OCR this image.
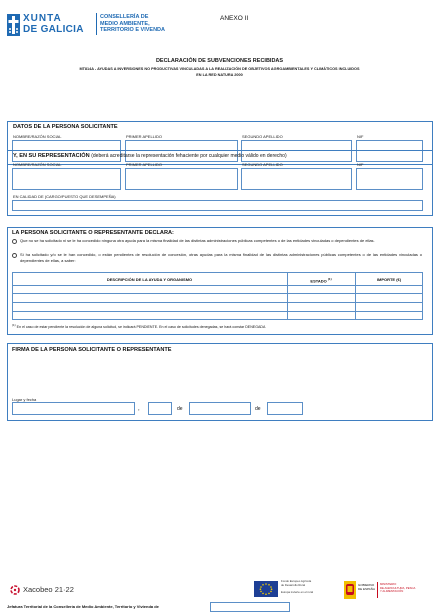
XUNTA
DE GALICIA
CONSELLERÍA DE
MEDIO AMBIENTE,
TERRITORIO E VIVENDA
ANEXO II
DECLARACIÓN DE SUBVENCIONES RECIBIDAS
MT814A - AYUDAS A INVERSIONES NO PRODUCTIVAS VINCULADAS A LA REALIZACIÓN DE OBJETIVOS AGROAMBIENTALES Y CLIMÁTICOS INCLUIDOS
EN LA RED NATURA 2000
DATOS DE LA PERSONA SOLICITANTE
NOMBRE/RAZÓN SOCIAL	PRIMER APELLIDO	SEGUNDO APELLIDO	NIF
Y, EN SU REPRESENTACIÓN (deberá acreditarse la representación fehaciente por cualquier medio válido en derecho)
NOMBRE/RAZÓN SOCIAL	PRIMER APELLIDO	SEGUNDO APELLIDO	NIF
EN CALIDAD DE (CARGO/PUESTO QUE DESEMPEÑA)
LA PERSONA SOLICITANTE O REPRESENTANTE DECLARA:
Que no se ha solicitado ni se le ha concedido ninguna otra ayuda para la misma finalidad de las distintas administraciones públicas competentes o de las entidades vinculadas o dependientes de ellas.
Sí ha solicitado y/o se le han concedido, o están pendientes de resolución de concesión, otras ayudas para la misma finalidad de las distintas administraciones públicas competentes o de las entidades vinculadas o dependientes de ellas, a saber:
DESCRIPCIÓN DE LA AYUDA Y ORGANISMO	ESTADO $^{(1)}$	IMPORTE (€)
$^{(1)}$ En el caso de estar pendiente la resolución de alguna solicitud, se indicará PENDIENTE. En el caso de solicitudes denegadas, se hará constar DENEGADA
FIRMA DE LA PERSONA SOLICITANTE O REPRESENTANTE
Lugar y fecha
,	de	de
Xacobeo 21·22
Fondo Europeo Agrícola
de Desarrollo Rural
Europa invierte en el rural
GOBIERNO
DE ESPAÑA
MINISTERIO
DE AGRICULTURA, PESCA
Y ALIMENTACIÓN
Jefatura Territorial de la Consellería de Medio Ambiente, Territorio y Vivienda de
